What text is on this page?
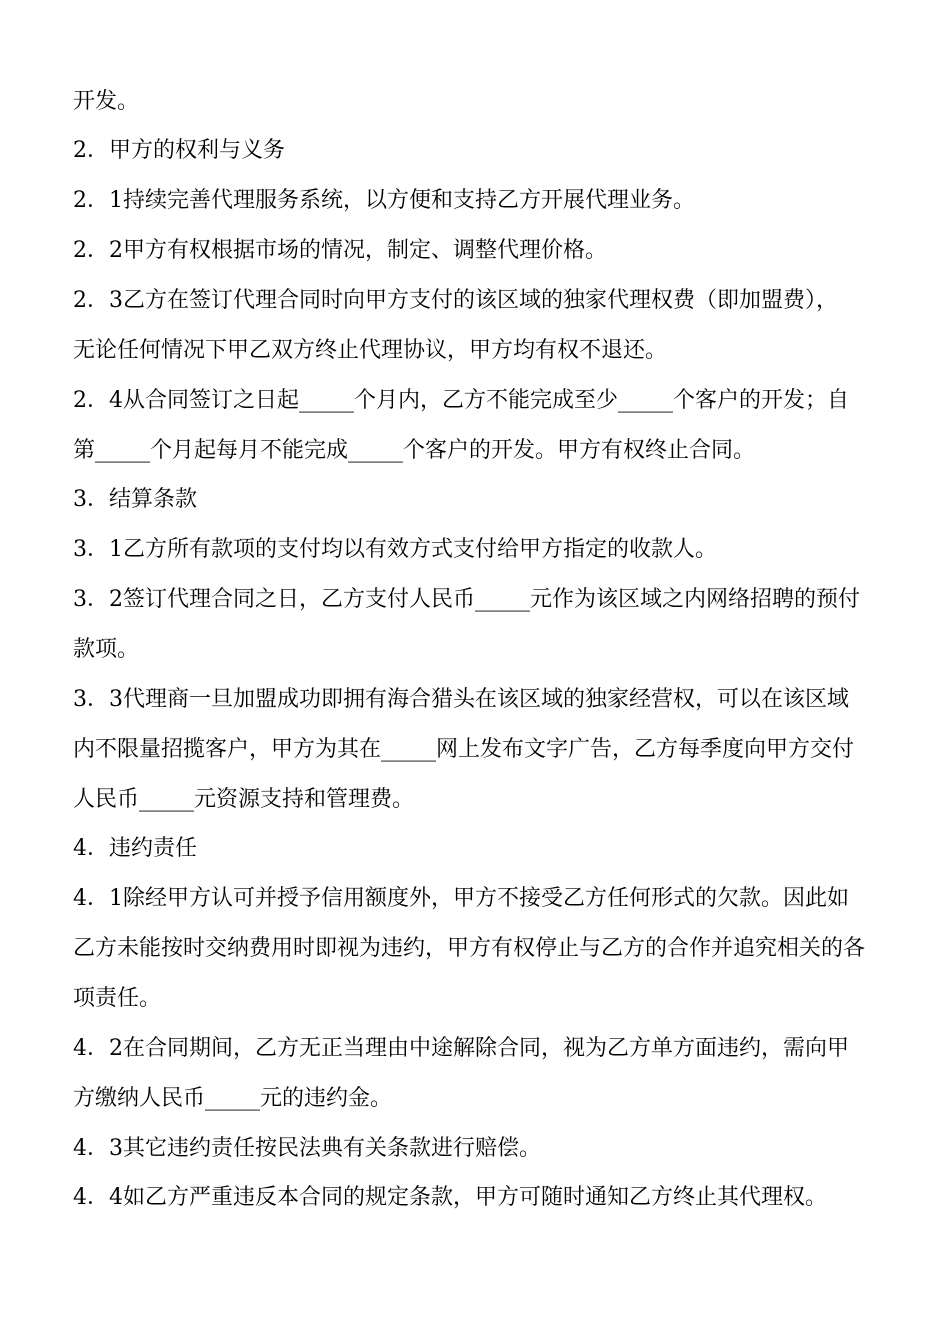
开发。
2．甲方的权利与义务
2．1持续完善代理服务系统，以方便和支持乙方开展代理业务。
2．2甲方有权根据市场的情况，制定、调整代理价格。
2．3乙方在签订代理合同时向甲方支付的该区域的独家代理权费（即加盟费），
无论任何情况下甲乙双方终止代理协议，甲方均有权不退还。
2．4从合同签订之日起_____个月内，乙方不能完成至少_____个客户的开发；自
第_____个月起每月不能完成_____个客户的开发。甲方有权终止合同。
3．结算条款
3．1乙方所有款项的支付均以有效方式支付给甲方指定的收款人。
3．2签订代理合同之日，乙方支付人民币_____元作为该区域之内网络招聘的预付
款项。
3．3代理商一旦加盟成功即拥有海合猎头在该区域的独家经营权，可以在该区域
内不限量招揽客户，甲方为其在_____网上发布文字广告，乙方每季度向甲方交付
人民币_____元资源支持和管理费。
4．违约责任
4．1除经甲方认可并授予信用额度外，甲方不接受乙方任何形式的欠款。因此如
乙方未能按时交纳费用时即视为违约，甲方有权停止与乙方的合作并追究相关的各
项责任。
4．2在合同期间，乙方无正当理由中途解除合同，视为乙方单方面违约，需向甲
方缴纳人民币_____元的违约金。
4．3其它违约责任按民法典有关条款进行赔偿。
4．4如乙方严重违反本合同的规定条款，甲方可随时通知乙方终止其代理权。
